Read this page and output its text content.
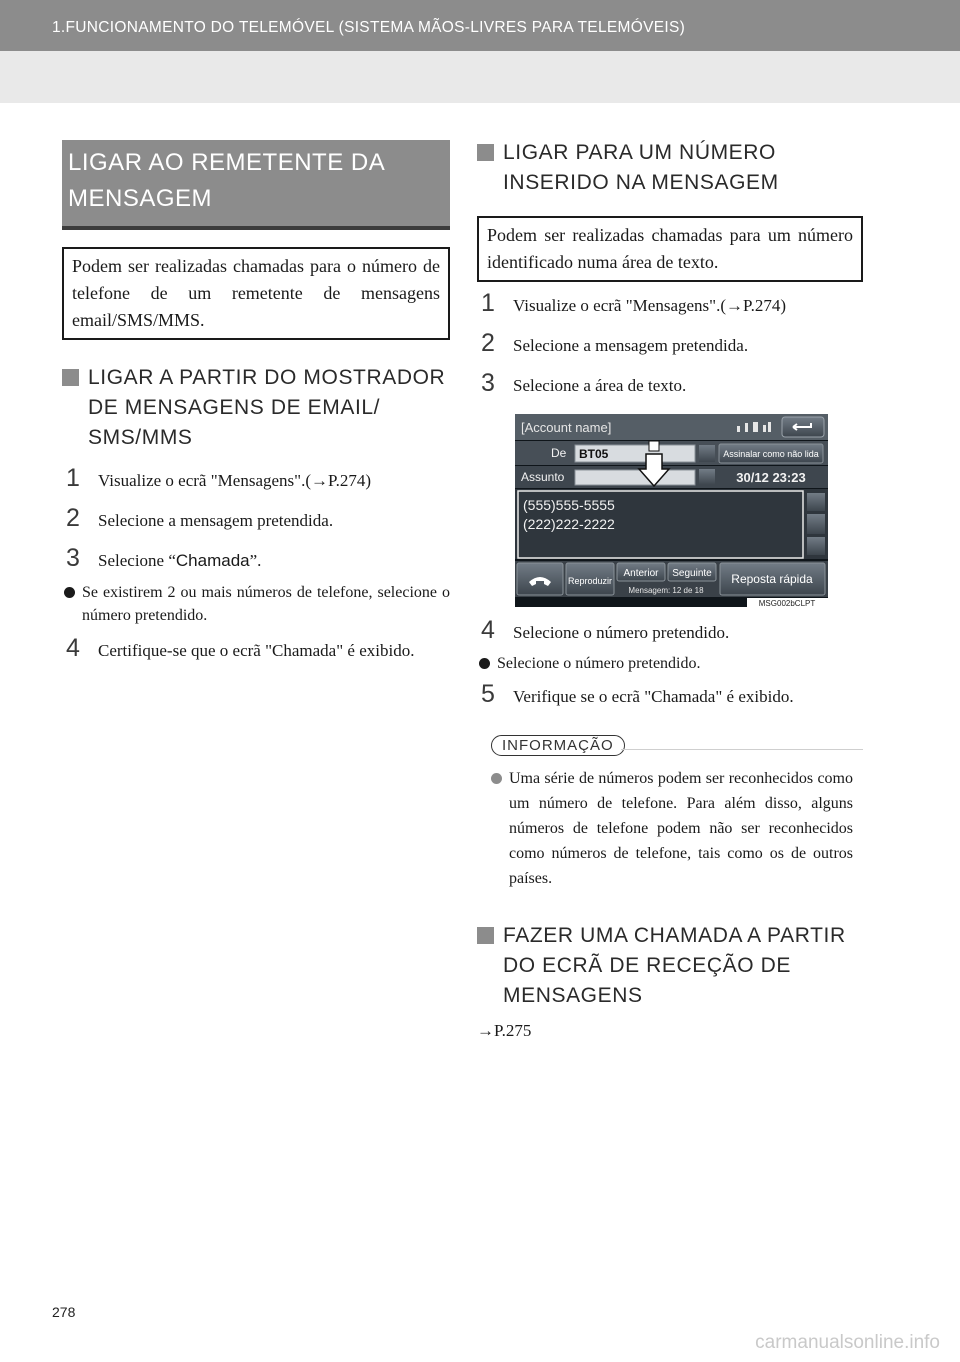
1.FUNCIONAMENTO DO TELEMÓVEL (SISTEMA MÃOS-LIVRES PARA TELEMÓVEIS)
LIGAR AO REMETENTE DA MENSAGEM
Podem ser realizadas chamadas para o número de telefone de um remetente de mensagens email/SMS/MMS.
LIGAR A PARTIR DO MOSTRADOR DE MENSAGENS DE EMAIL/ SMS/MMS
1 Visualize o ecrã "Mensagens".(→P.274)
2 Selecione a mensagem pretendida.
3 Selecione “Chamada”.
Se existirem 2 ou mais números de telefone, selecione o número pretendido.
4 Certifique-se que o ecrã "Chamada" é exibido.
LIGAR PARA UM NÚMERO INSERIDO NA MENSAGEM
Podem ser realizadas chamadas para um número identificado numa área de texto.
1 Visualize o ecrã "Mensagens".(→P.274)
2 Selecione a mensagem pretendida.
3 Selecione a área de texto.
[Account name]
De BT05	Assinalar como não lida
Assunto	30/12 23:23
(555)555-5555
(222)222-2222
Reproduzir
Anterior Seguinte
Mensagem: 12 de 18
Reposta rápida
MSG002bCLPT
4 Selecione o número pretendido.
Selecione o número pretendido.
5 Verifique se o ecrã "Chamada" é exibido.
INFORMAÇÃO
Uma série de números podem ser reconhecidos como um número de telefone. Para além disso, alguns números de telefone podem não ser reconhecidos como números de telefone, tais como os de outros países.
FAZER UMA CHAMADA A PARTIR DO ECRÃ DE RECEÇÃO DE MENSAGENS
→P.275
278
carmanualsonline.info
